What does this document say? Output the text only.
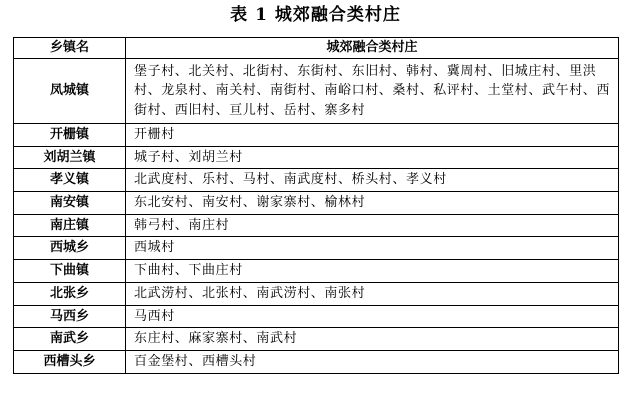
表 1 城郊融合类村庄
乡镇名	城郊融合类村庄
凤城镇	堡子村、北关村、北街村、东街村、东旧村、韩村、冀周村、旧城庄村、里洪村、龙泉村、南关村、南街村、南峪口村、桑村、私评村、土堂村、武午村、西街村、西旧村、亘儿村、岳村、寨多村
开栅镇	开栅村
刘胡兰镇	城子村、刘胡兰村
孝义镇	北武度村、乐村、马村、南武度村、桥头村、孝义村
南安镇	东北安村、南安村、谢家寨村、榆林村
南庄镇	韩弓村、南庄村
西城乡	西城村
下曲镇	下曲村、下曲庄村
北张乡	北武涝村、北张村、南武涝村、南张村
马西乡	马西村
南武乡	东庄村、麻家寨村、南武村
西槽头乡	百金堡村、西槽头村
